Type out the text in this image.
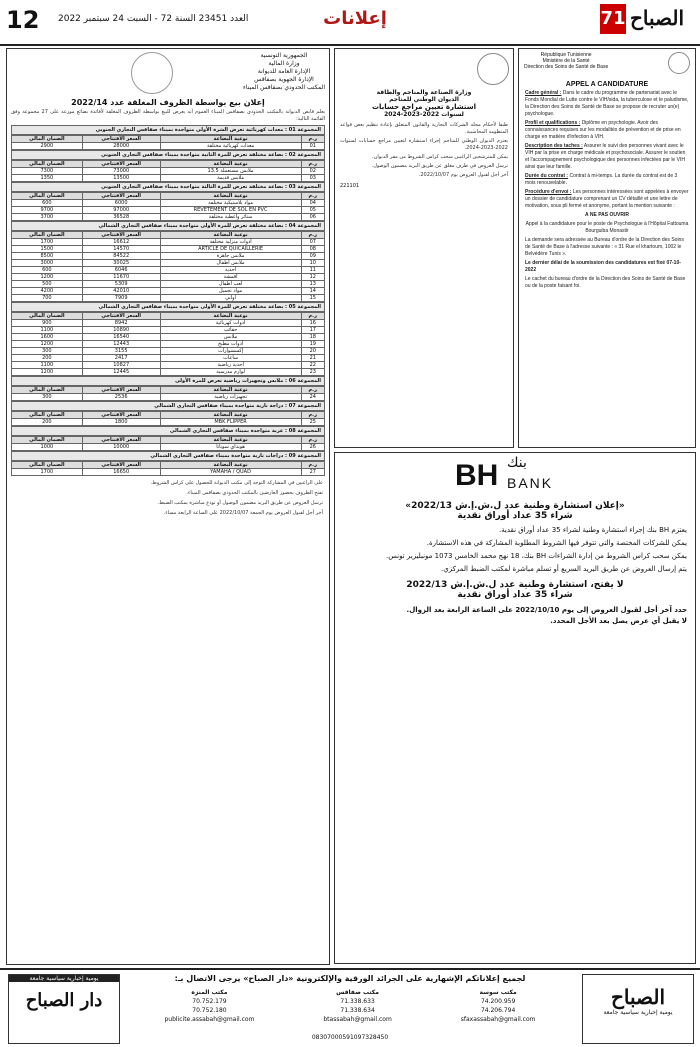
12 العدد 23451 السنة 72 - السبت 24 سبتمبر 2022	إعلانات	71 الصباح
الجمهورية التونسية
وزارة المالية
الإدارة العامة للديوانة
الإدارة الجهوية بصفاقس
المكتب الحدودي بصفاقس الميناء
إعلان بيع بواسطة الظروف المغلقة عدد 2022/14
يعلم قابض الديوانة بالمكتب الحدودي بصفاقس الميناء العموم أنه يعرض للبيع بواسطة الظروف المغلقة لأفائدة بضائع موزعة على 27 مجموعة وفق القائمة التالية:
المجموعة 01 : معدات كهربائية تعرض الشرة الأولى متواجدة بميناء صفاقس التجاري الجنوبي
الضمان المالي	السعر الافتتاحي	نوعية البضاعة	ر.م
2900	28000	معدات كهربائية مختلفة	01
المجموعة 02 : بضاعة مختلفة تعرض للمرة الثانية متواجدة بميناء صفاقس التجاري الجنوبي
الضمان المالي	السعر الافتتاحي	نوعية البضاعة	ر.م
7300	73000	13.5 ملابس مستعملة	02
1350	13500	ملابس قديمة	03
المجموعة 03 : بضاعة مختلفة تعرض للمرة الثالثة متواجدة بميناء صفاقس التجاري الجنوبي
الضمان المالي	السعر الافتتاحي	نوعية البضاعة	ر.م
600	6000	مواد بلاستيكية مختلفة	04
9700	97000	REVETEMENT DE SOL EN PVC	05
3700	36528	ستائر وأغطية مختلفة	06
المجموعة 04 : بضاعة مختلفة تعرض للمرة الأولى متواجدة بميناء صفاقس التجاري الشمالي
الضمان المالي	السعر الافتتاحي	نوعية البضاعة	ر.م
1700	16612	أدوات منزلية مختلفة	07
1500	14570	ARTICLE DE QUICAILLERIE	08
8500	84522	ملابس جاهزة	09
3000	30025	ملابس أطفال	10
600	6046	أحذية	11
1200	11670	أقمشة	12
500	5309	لعب أطفال	13
4200	42010	مواد تجميل	14
700	7909	أواني	15
المجموعة 05 : بضاعة مختلفة تعرض للمرة الأولى متواجدة بميناء صفاقس التجاري الشمالي
الضمان المالي	السعر الافتتاحي	نوعية البضاعة	ر.م
900	8942	أدوات كهربائية	16
1100	10890	حقائب	17
1600	16540	ملابس	18
1200	12443	أدوات مطبخ	19
300	3155	إكسسوارات	20
200	2417	ساعات	21
1100	10827	أحذية رياضية	22
1200	12445	لوازم مدرسية	23
المجموعة 06 : ملابس وتجهيزات رياضية تعرض للمرة الأولى
الضمان المالي	السعر الافتتاحي	نوعية البضاعة	ر.م
300	2536	تجهيزات رياضية	24
المجموعة 07 : دراجة نارية متواجدة بميناء صفاقس التجاري الشمالي
الضمان المالي	السعر الافتتاحي	نوعية البضاعة	ر.م
200	1800	MBK FLIPPER	25
المجموعة 08 : عربة متواجدة بميناء صفاقس التجاري الشمالي
الضمان المالي	السعر الافتتاحي	نوعية البضاعة	ر.م
1000	10000	هونداي سوناتا	26
المجموعة 09 : دراجات نارية متواجدة بميناء صفاقس التجاري الشمالي
الضمان المالي	السعر الافتتاحي	نوعية البضاعة	ر.م
1700	16650	YAMAHA / QUAD	27
على الراغبين في المشاركة التوجه إلى مكتب الديوانة للحصول على كراس الشروط.
تفتح الظروف بحضور العارضين بالمكتب الحدودي بصفاقس الميناء.
ترسل العروض عن طريق البريد مضمون الوصول أو تودع مباشرة بمكتب الضبط.
آخر أجل لقبول العروض يوم الجمعة 2022/10/07 على الساعة الرابعة مساء.
وزارة الصناعة والمناجم والطاقة
الديوان الوطني للمناجم
استشارة تعيين مراجع حسابات
لسنوات 2022-2023-2024
طبقا لأحكام مجلة الشركات التجارية والقانون المتعلق بإعادة تنظيم بعض قواعد المنظومة المحاسبية.
يعتزم الديوان الوطني للمناجم إجراء استشارة لتعيين مراجع حسابات لسنوات 2022-2023-2024.
يمكن للمترشحين الراغبين سحب كراس الشروط من مقر الديوان.
ترسل العروض في ظرف مغلق عن طريق البريد مضمون الوصول.
آخر أجل لقبول العروض يوم 2022/10/07.
221101
République Tunisienne
Ministère de la Santé
Direction des Soins de Santé de Base
APPEL A CANDIDATURE

Cadre général : Dans le cadre du programme de partenariat avec le Fonds Mondial de Lutte contre le VIH/sida, la tuberculose et le paludisme, la Direction des Soins de Santé de Base se propose de recruter un(e) psychologue.

Profil et qualifications : Diplôme en psychologie. Avoir des connaissances requises sur les modalités de prévention et de prise en charge en matière d'infection à VIH.

Description des taches : Assurer le suivi des personnes vivant avec le VIH par la prise en charge médicale et psychosociale. Assurer le soutien et l'accompagnement psychologique des personnes infectées par le VIH ainsi que leur famille.

Durée du contrat : Contrat à mi-temps. La durée du contrat est de 3 mois renouvelable.

Procédure d'envoi : Les personnes intéressées sont appelées à envoyer un dossier de candidature comprenant un CV détaillé et une lettre de motivation, sous pli fermé et anonyme, portant la mention suivante :

A NE PAS OUVRIR

Appel à la candidature pour le poste de Psychologue à l'Hôpital Fattouma Bourguiba Monastir

La demande sera adressée au Bureau d'ordre de la Direction des Soins de Santé de Base à l'adresse suivante : « 31 Rue el khartoum, 1002 le Belvédère Tunis ».

Le dernier délai de la soumission des candidatures est fixé 07-10-2022

Le cachet du bureau d'ordre de la Direction des Soins de Santé de Base ou de la poste faisant foi.

BH بنك
BANK
«إعلان استشارة وطنية عدد ل.ش.إ.ش 2022/13»
شراء 35 عداد أوراق نقدية
يعتزم BH بنك إجراء استشارة وطنية لشراء 35 عداد أوراق نقدية.
يمكن للشركات المختصة والتي تتوفر فيها الشروط المطلوبة المشاركة في هذه الاستشارة.
يمكن سحب كراس الشروط من إدارة الشراءات BH بنك، 18 نهج محمد الخامس 1073 مونبليزير تونس.
يتم إرسال العروض عن طريق البريد السريع أو تسلم مباشرة لمكتب الضبط المركزي.
لا يفتح، استشارة وطنية عدد ل.ش.إ.ش 2022/13
شراء 35 عداد أوراق نقدية
حدد آخر أجل لقبول العروض إلى يوم 2022/10/10 على الساعة الرابعة بعد الزوال.
لا يقبل أي عرض يصل بعد الأجل المحدد.
لجميع إعلاناتكم الإشهارية على الجرائد الورقية والإلكترونية «دار الصباح» يرجى الاتصال بـ:
يومية إخبارية سياسية جامعة
دار الصباح	الصباح
يومية إخبارية سياسية جامعة
مكتب المنزه
70.752.179
70.752.180
publicite.assabah@gmail.com
مكتب صفاقس
71.338.633
71.338.634
btassabah@gmail.com
مكتب سوسة
74.200.959
74.206.794
sfaxassabah@gmail.com
08307000591097328450
